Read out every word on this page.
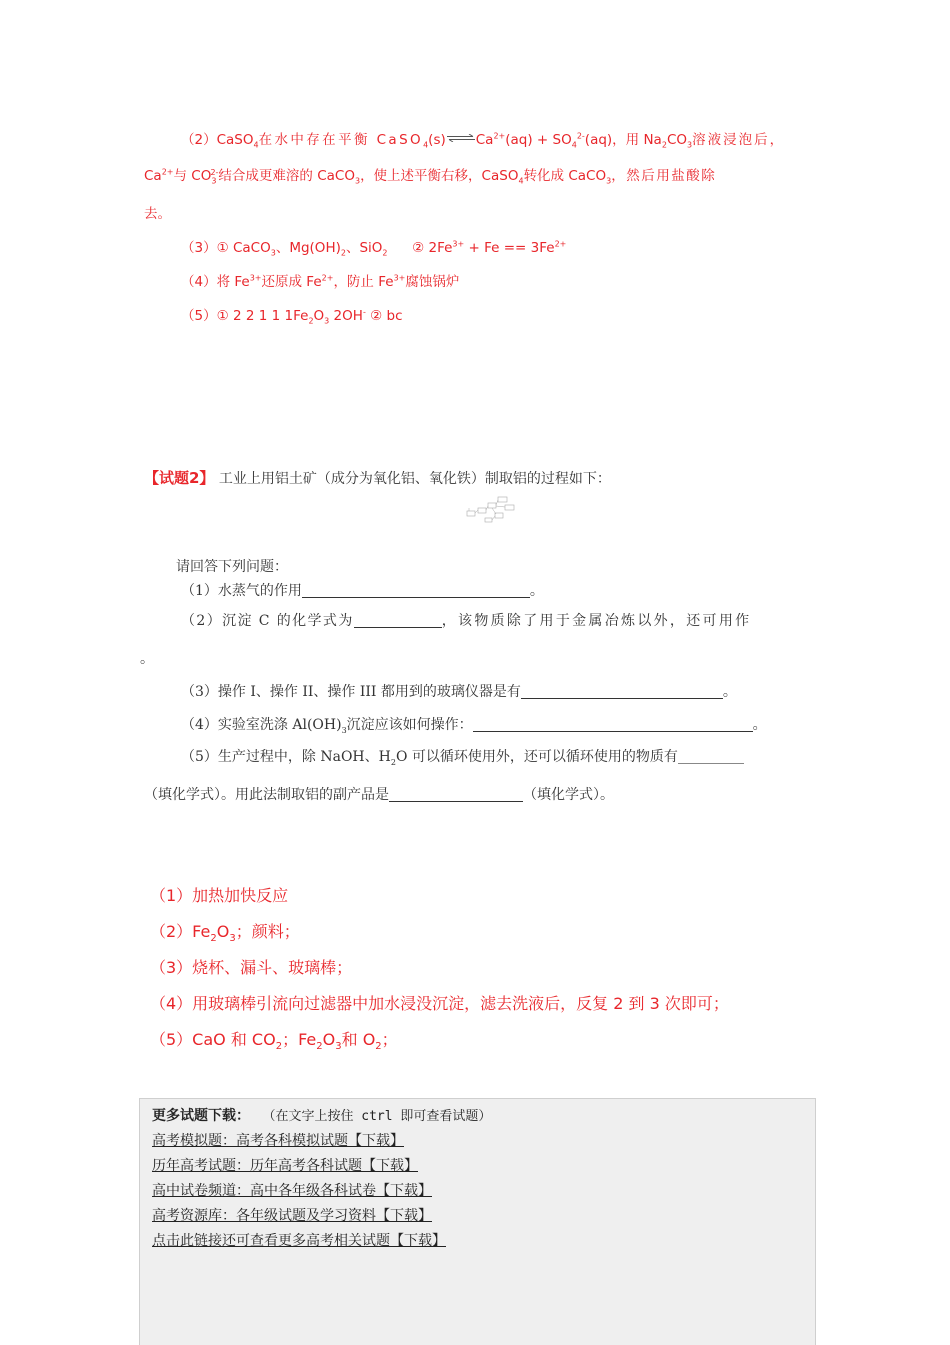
（2）CaSO$_4$在水中存在平衡 $CaSO_4(s)\rightleftharpoons Ca^{2+}(aq) + SO_4^{2-}(aq)$，用 $Na_2CO_3$溶液浸泡后，
$Ca^{2+}$与 $CO_3^{2-}$结合成更难溶的 CaCO$_3$，使上述平衡右移，CaSO$_4$转化成 CaCO$_3$，然后用盐酸除
去。
（3）① CaCO$_3$、$Mg(OH)_2$、SiO$_2$ ② $2Fe^{3+} + Fe == 3Fe^{2+}$
（4）将 $Fe^{3+}$还原成 $Fe^{2+}$，防止 $Fe^{3+}$腐蚀锅炉
（5）① 2 2 1 1 $1Fe_2O_3$ 2OH- ② bc
【试题2】 工业上用铝土矿（成分为氧化铝、氧化铁）制取铝的过程如下：
请回答下列问题：
（1）水蒸气的作用	。
（2）沉淀 C 的化学式为	，该物质除了用于金属冶炼以外，还可用作
。
（3）操作 I、操作 II、操作 III 都用到的玻璃仪器是有	。
（4）实验室洗涤 $Al(OH)_3$沉淀应该如何操作：	。
（5）生产过程中，除 NaOH、$H_2O$ 可以循环使用外，还可以循环使用的物质有
（填化学式）。用此法制取铝的副产品是	（填化学式）。
（1）加热加快反应
$(2)Fe_2O_3$；颜料；
（3）烧杯、漏斗、玻璃棒；
（4）用玻璃棒引流向过滤器中加水浸没沉淀，滤去洗液后，反复 2 到 3 次即可；
（5）CaO 和 $CO_2$；$Fe_2O_3$和 $O_2$；
更多试题下载： （在文字上按住 ctrl 即可查看试题）
高考模拟题：高考各科模拟试题【下载】
历年高考试题：历年高考各科试题【下载】
高中试卷频道：高中各年级各科试卷【下载】
高考资源库：各年级试题及学习资料【下载】
点击此链接还可查看更多高考相关试题【下载】
